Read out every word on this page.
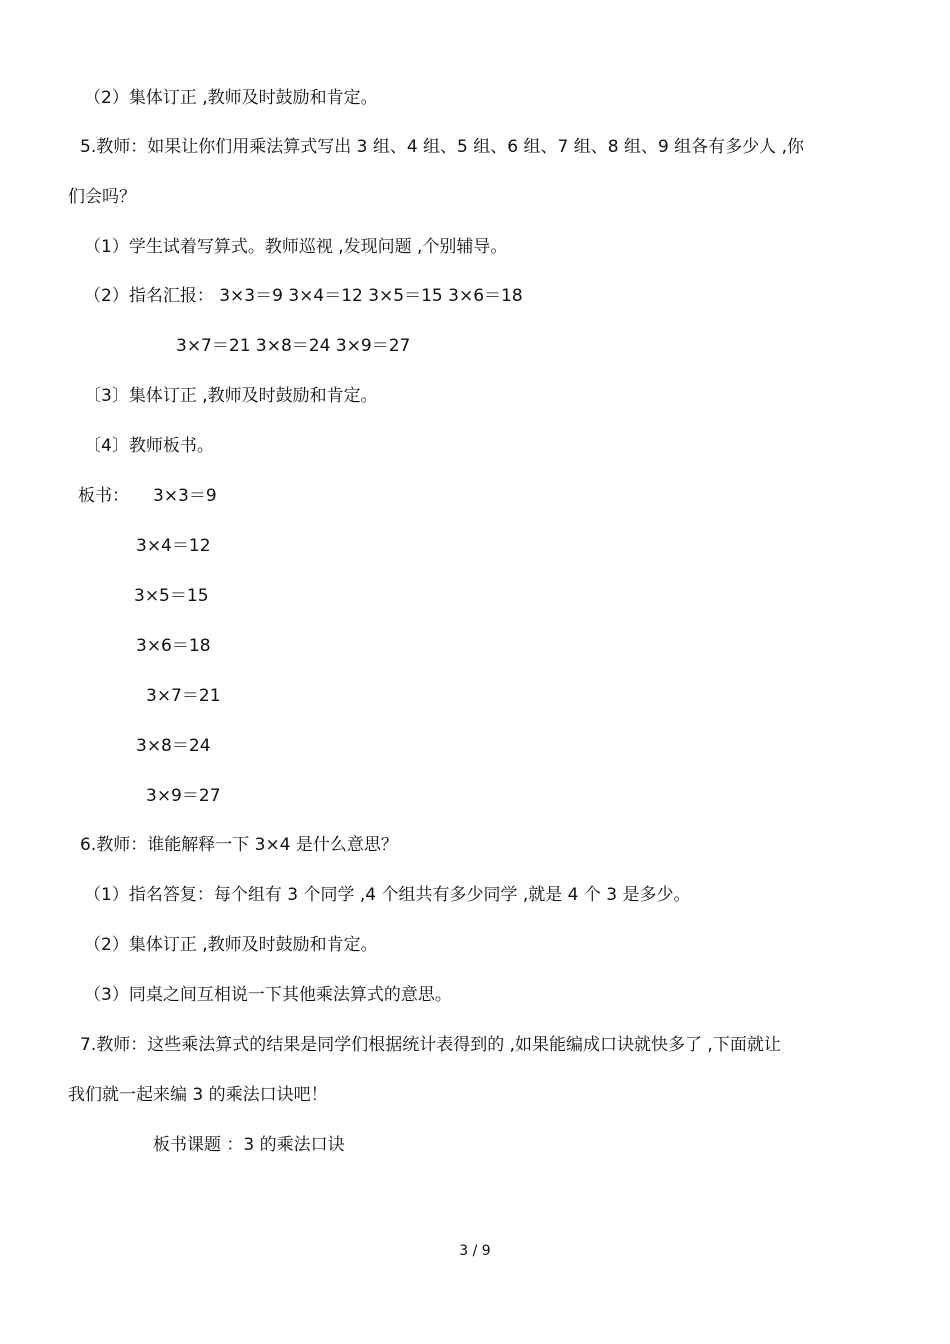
（2）集体订正 ,教师及时鼓励和肯定。
5.教师：如果让你们用乘法算式写出 3 组、4 组、5 组、6 组、7 组、8 组、9 组各有多少人 ,你
们会吗？
（1）学生试着写算式。教师巡视 ,发现问题 ,个别辅导。
（2）指名汇报： 3×3＝9 3×4＝12 3×5＝15 3×6＝18
3×7＝21 3×8＝24 3×9＝27
〔3〕集体订正 ,教师及时鼓励和肯定。
〔4〕教师板书。
板书： 3×3＝9
3×4＝12
3×5＝15
3×6＝18
3×7＝21
3×8＝24
3×9＝27
6.教师：谁能解释一下 3×4 是什么意思？
（1）指名答复：每个组有 3 个同学 ,4 个组共有多少同学 ,就是 4 个 3 是多少。
（2）集体订正 ,教师及时鼓励和肯定。
（3）同桌之间互相说一下其他乘法算式的意思。
7.教师：这些乘法算式的结果是同学们根据统计表得到的 ,如果能编成口诀就快多了 ,下面就让
我们就一起来编 3 的乘法口诀吧！
板书课题 ：3 的乘法口诀
3 / 9
